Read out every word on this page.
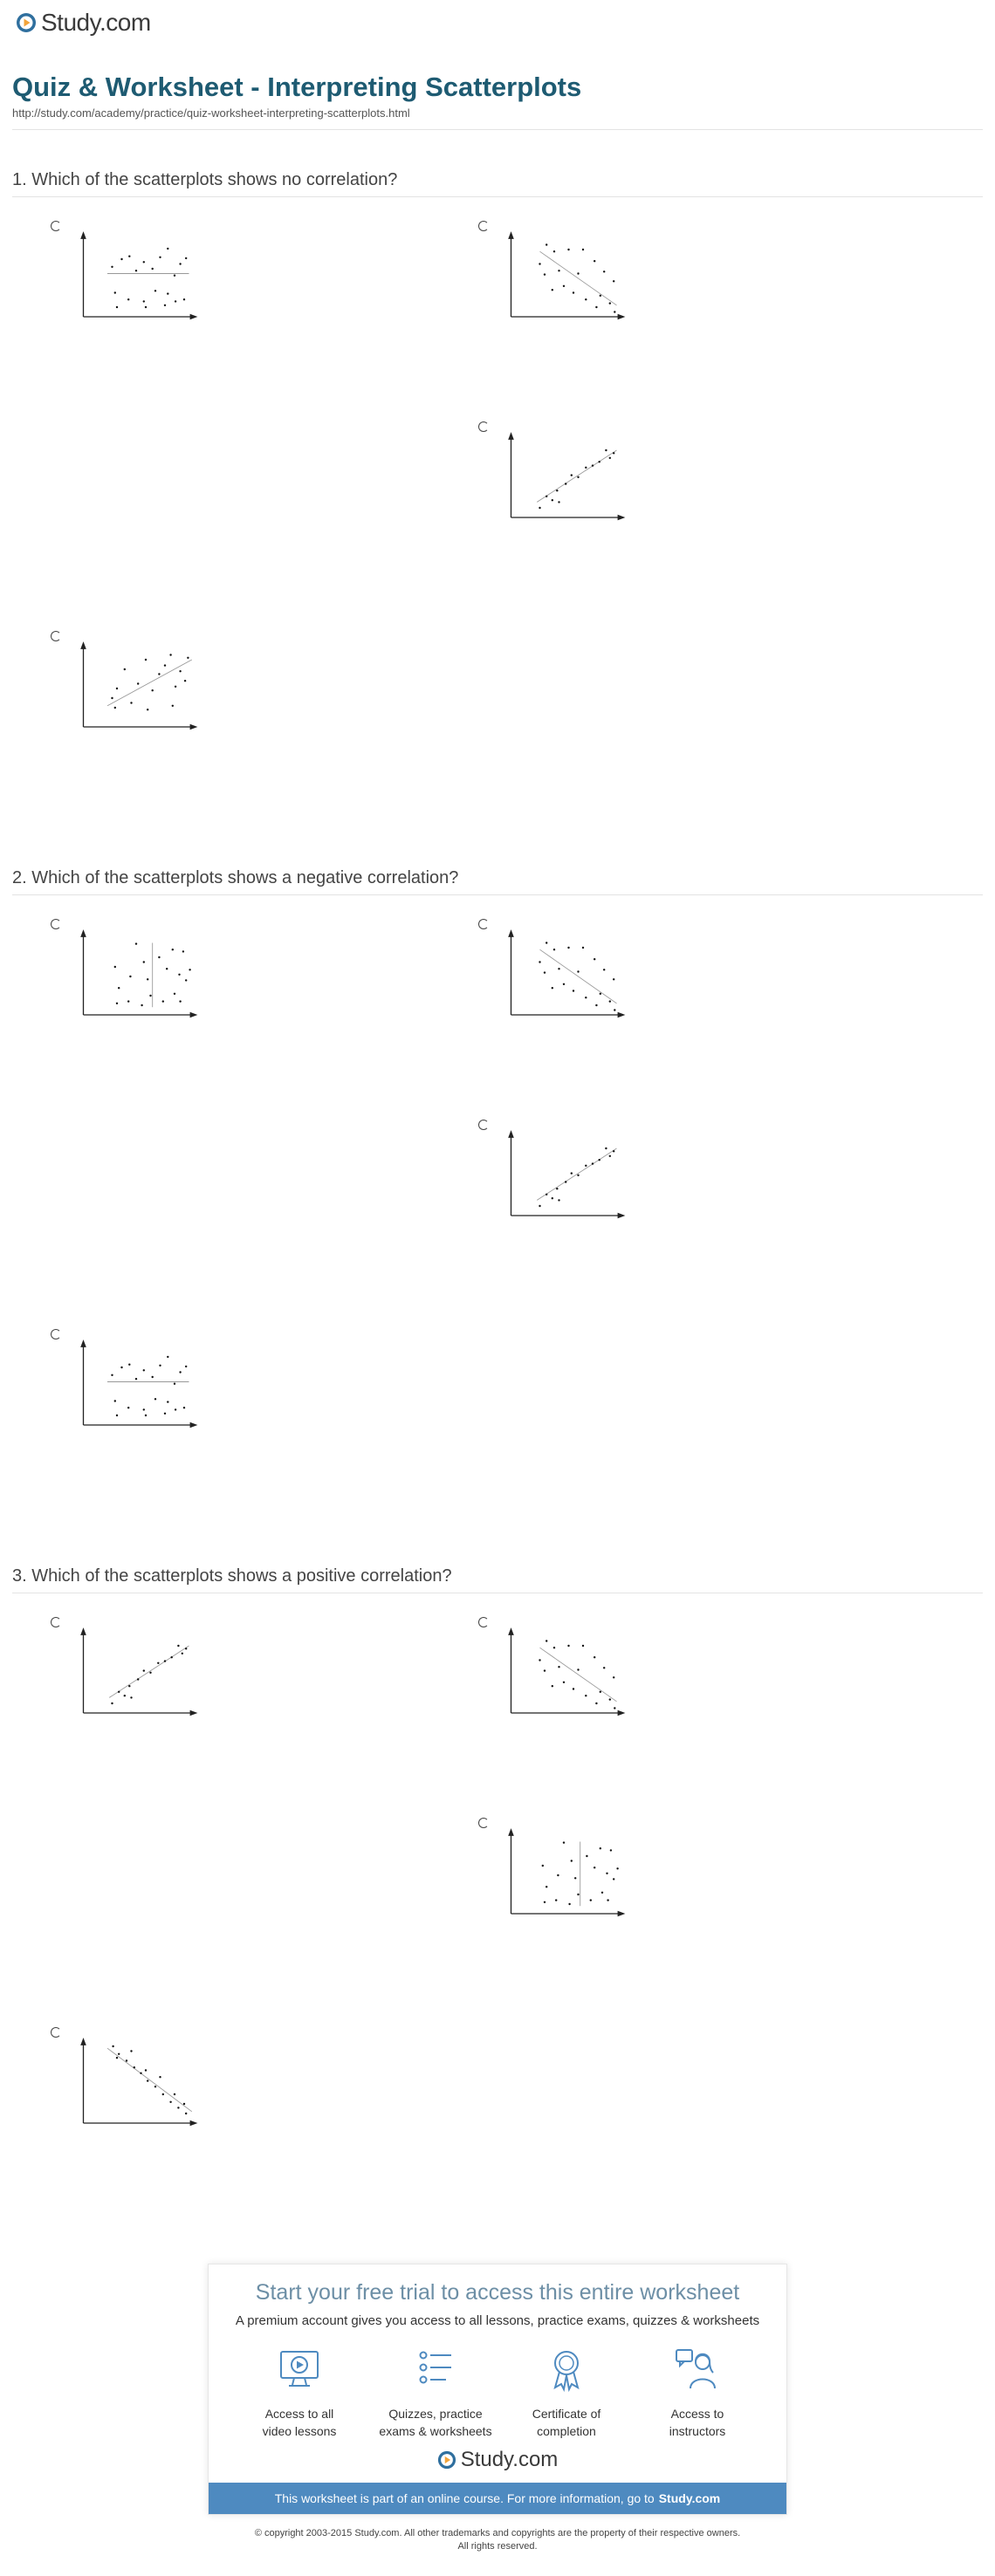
Study.com
Quiz & Worksheet - Interpreting Scatterplots
http://study.com/academy/practice/quiz-worksheet-interpreting-scatterplots.html
1. Which of the scatterplots shows no correlation?
2. Which of the scatterplots shows a negative correlation?
3. Which of the scatterplots shows a positive correlation?
Start your free trial to access this entire worksheet
A premium account gives you access to all lessons, practice exams, quizzes & worksheets
Access to all
video lessons
Quizzes, practice
exams & worksheets
Certificate of
completion
Access to
instructors
Study.com
This worksheet is part of an online course. For more information, go to Study.com
© copyright 2003-2015 Study.com. All other trademarks and copyrights are the property of their respective owners.
All rights reserved.
